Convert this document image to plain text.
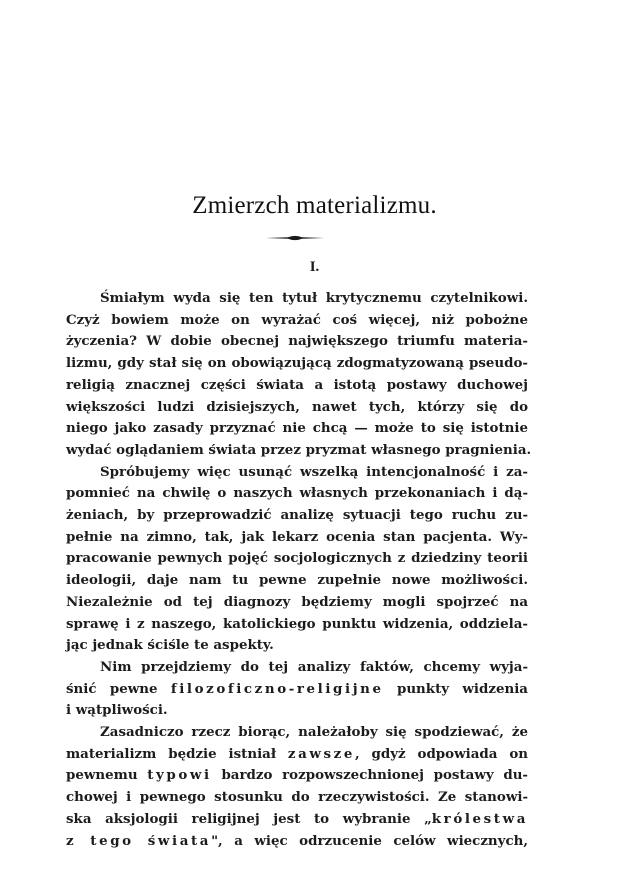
Zmierzch materializmu.
I.
Śmiałym wyda się ten tytuł krytycznemu czytelnikowi.
Czyż bowiem może on wyrażać coś więcej, niż pobożne
życzenia? W dobie obecnej największego triumfu materia-
lizmu, gdy stał się on obowiązującą zdogmatyzowaną pseudo-
religią znacznej części świata a istotą postawy duchowej
większości ludzi dzisiejszych, nawet tych, którzy się do
niego jako zasady przyznać nie chcą — może to się istotnie
wydać oglądaniem świata przez pryzmat własnego pragnienia.
Spróbujemy więc usunąć wszelką intencjonalność i za-
pomnieć na chwilę o naszych własnych przekonaniach i dą-
żeniach, by przeprowadzić analizę sytuacji tego ruchu zu-
pełnie na zimno, tak, jak lekarz ocenia stan pacjenta. Wy-
pracowanie pewnych pojęć socjologicznych z dziedziny teorii
ideologii, daje nam tu pewne zupełnie nowe możliwości.
Niezależnie od tej diagnozy będziemy mogli spojrzeć na
sprawę i z naszego, katolickiego punktu widzenia, oddziela-
jąc jednak ściśle te aspekty.
Nim przejdziemy do tej analizy faktów, chcemy wyja-
śnić pewne filozoficzno-religijne punkty widzenia
i wątpliwości.
Zasadniczo rzecz biorąc, należałoby się spodziewać, że
materializm będzie istniał zawsze, gdyż odpowiada on
pewnemu typowi bardzo rozpowszechnionej postawy du-
chowej i pewnego stosunku do rzeczywistości. Ze stanowi-
ska aksjologii religijnej jest to wybranie „królestwa
z tego świata", a więc odrzucenie celów wiecznych,
